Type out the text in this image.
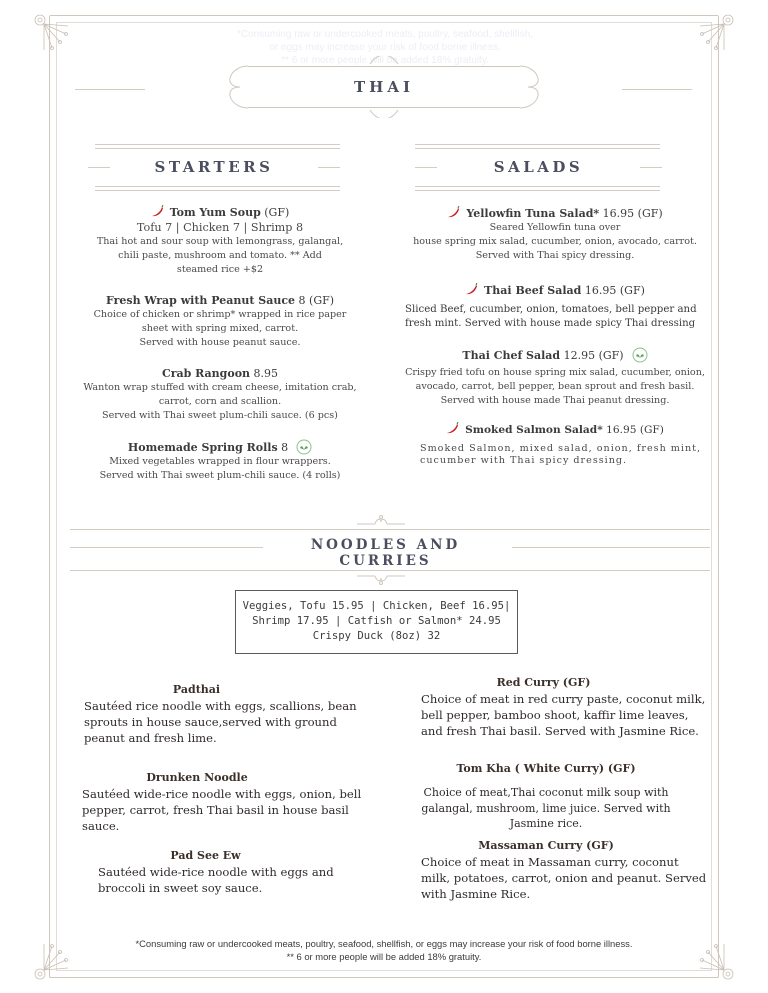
*Consuming raw or undercooked meats, poultry, seafood, shellfish,
or eggs may increase your risk of food borne illness.
** 6 or more people will be added 18% gratuity.
THAI
STARTERS	SALADS
Tom Yum Soup (GF)
Tofu 7 | Chicken 7 | Shrimp 8
Thai hot and sour soup with lemongrass, galangal,
chili paste, mushroom and tomato. ** Add
steamed rice +$2
Fresh Wrap with Peanut Sauce 8 (GF)
Choice of chicken or shrimp* wrapped in rice paper
sheet with spring mixed, carrot.
Served with house peanut sauce.
Crab Rangoon 8.95
Wanton wrap stuffed with cream cheese, imitation crab,
carrot, corn and scallion.
Served with Thai sweet plum-chili sauce. (6 pcs)
Homemade Spring Rolls 8
Mixed vegetables wrapped in flour wrappers.
Served with Thai sweet plum-chili sauce. (4 rolls)
Yellowfin Tuna Salad* 16.95 (GF)
Seared Yellowfin tuna over
house spring mix salad, cucumber, onion, avocado, carrot.
Served with Thai spicy dressing.
Thai Beef Salad 16.95 (GF)
Sliced Beef, cucumber, onion, tomatoes, bell pepper and
fresh mint. Served with house made spicy Thai dressing
Thai Chef Salad 12.95 (GF)
Crispy fried tofu on house spring mix salad, cucumber, onion,
avocado, carrot, bell pepper, bean sprout and fresh basil.
Served with house made Thai peanut dressing.
Smoked Salmon Salad* 16.95 (GF)
Smoked Salmon, mixed salad, onion, fresh mint,
cucumber with Thai spicy dressing.
NOODLES AND CURRIES
Veggies, Tofu 15.95 | Chicken, Beef 16.95|
Shrimp 17.95 | Catfish or Salmon* 24.95
Crispy Duck (8oz) 32
Padthai
Sautéed rice noodle with eggs, scallions, bean
sprouts in house sauce,served with ground
peanut and fresh lime.
Drunken Noodle
Sautéed wide-rice noodle with eggs, onion, bell
pepper, carrot, fresh Thai basil in house basil
sauce.
Pad See Ew
Sautéed wide-rice noodle with eggs and
broccoli in sweet soy sauce.
Red Curry (GF)
Choice of meat in red curry paste, coconut milk,
bell pepper, bamboo shoot, kaffir lime leaves,
and fresh Thai basil. Served with Jasmine Rice.
Tom Kha ( White Curry) (GF)
Choice of meat,Thai coconut milk soup with
galangal, mushroom, lime juice. Served with
Jasmine rice.
Massaman Curry (GF)
Choice of meat in Massaman curry, coconut
milk, potatoes, carrot, onion and peanut. Served
with Jasmine Rice.
*Consuming raw or undercooked meats, poultry, seafood, shellfish, or eggs may increase your risk of food borne illness.
** 6 or more people will be added 18% gratuity.
